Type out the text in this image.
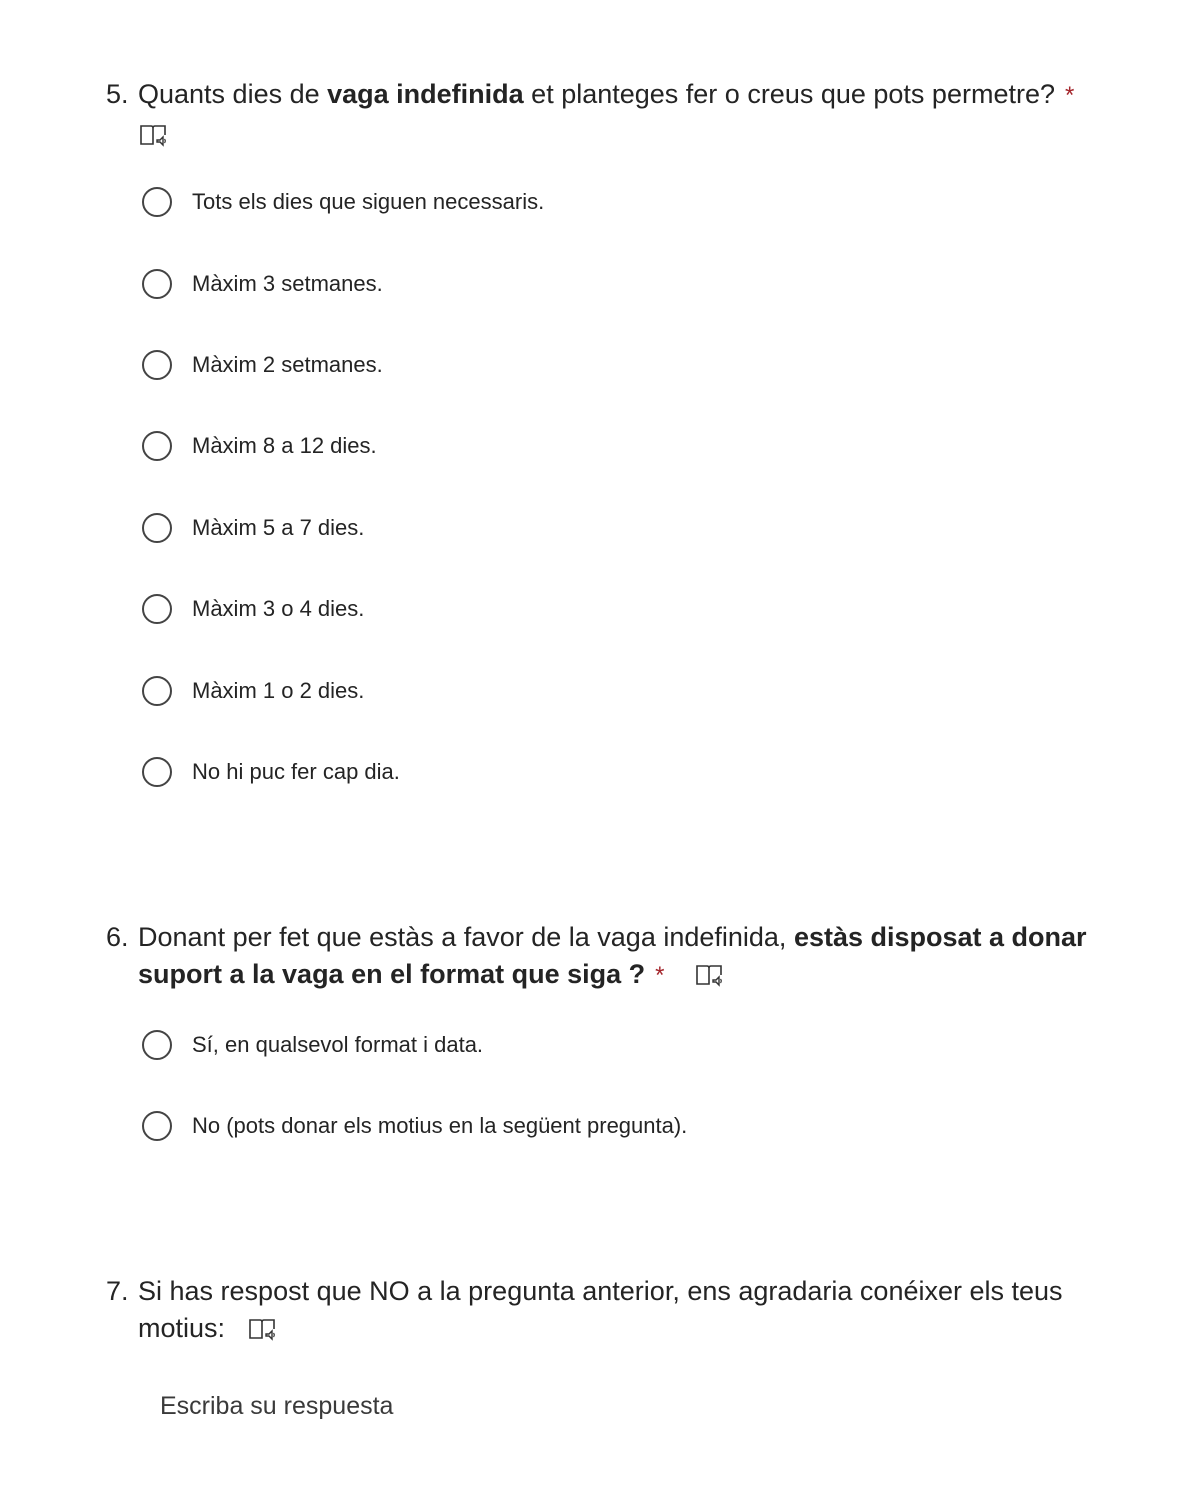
5. Quants dies de vaga indefinida et planteges fer o creus que pots permetre? *

Tots els dies que siguen necessaris.
Màxim 3 setmanes.
Màxim 2 setmanes.
Màxim 8 a 12 dies.
Màxim 5 a 7 dies.
Màxim 3 o 4 dies.
Màxim 1 o 2 dies.
No hi puc fer cap dia.
6. Donant per fet que estàs a favor de la vaga indefinida, estàs disposat a donar suport a la vaga en el format que siga ? *
Sí, en qualsevol format i data.
No (pots donar els motius en la següent pregunta).
7. Si has respost que NO a la pregunta anterior, ens agradaria conéixer els teus motius:
Escriba su respuesta
